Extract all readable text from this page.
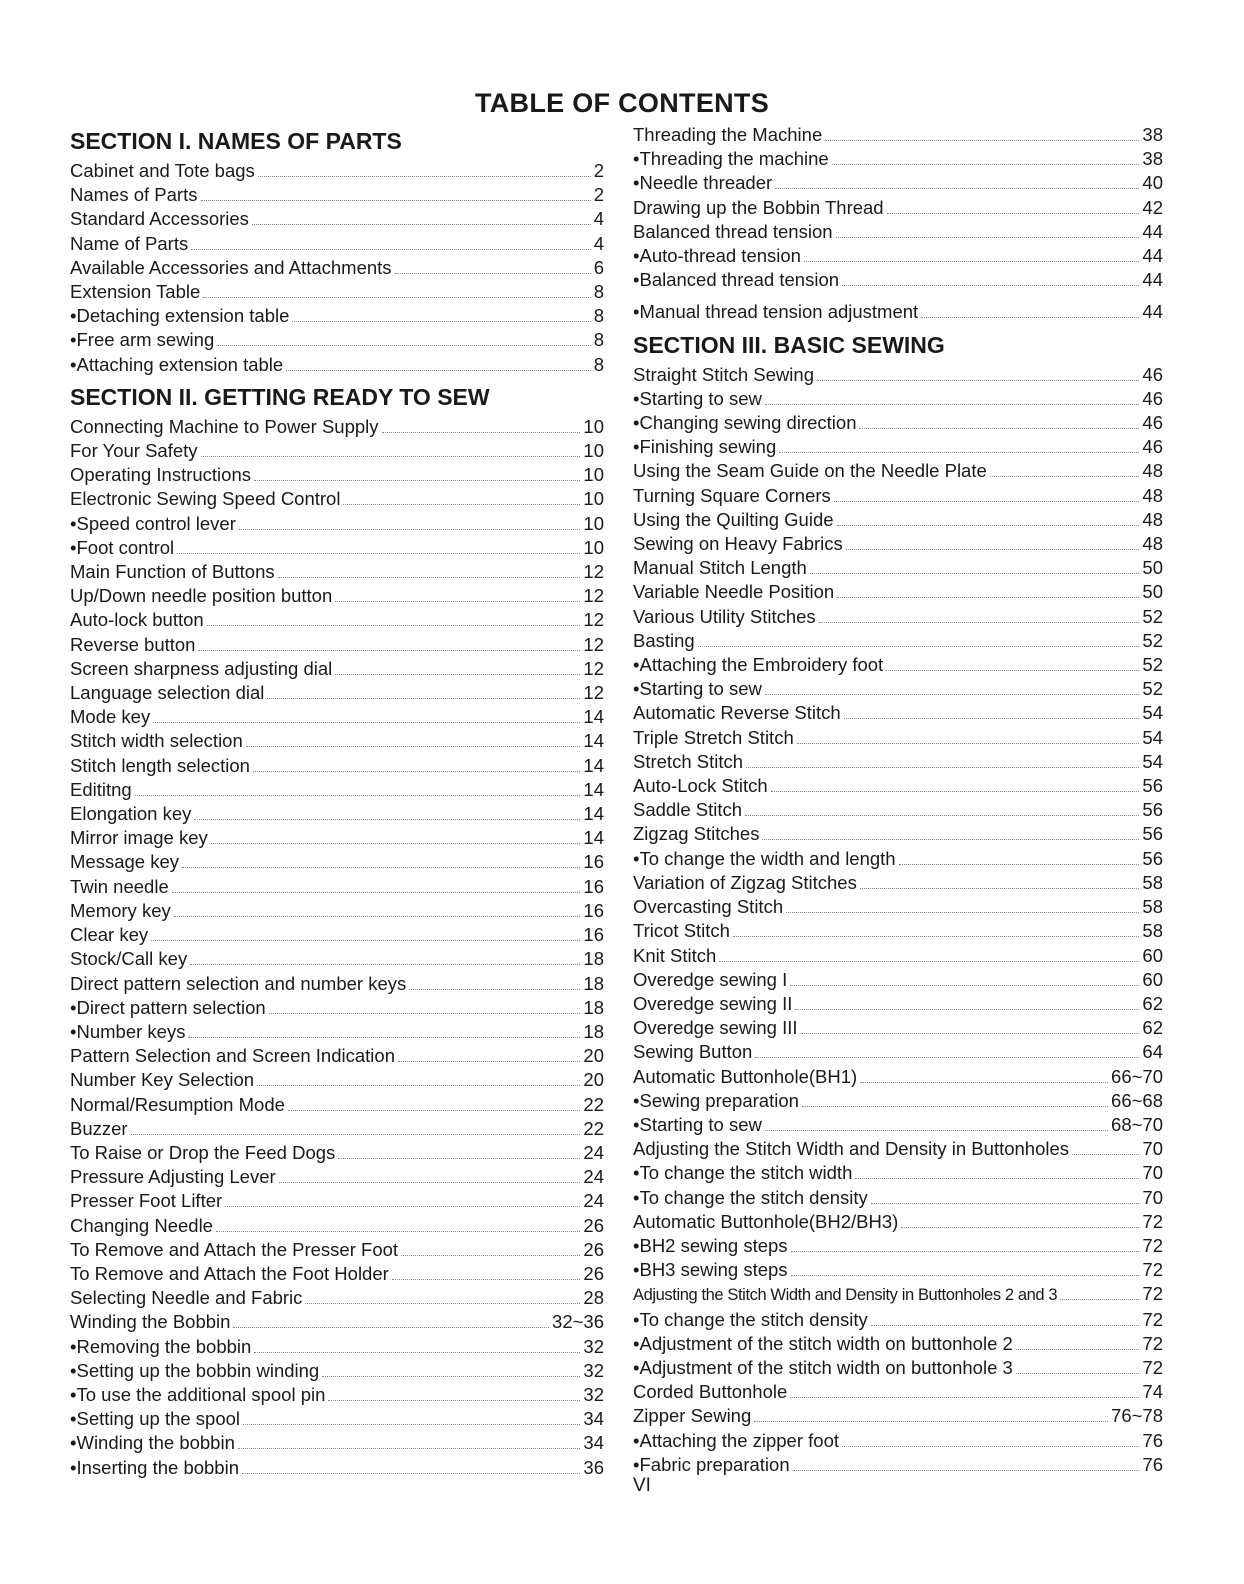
TABLE OF CONTENTS
SECTION I. NAMES OF PARTS
Cabinet and Tote bags	2
Names of Parts	2
Standard Accessories	4
Name of Parts	4
Available Accessories and Attachments	6
Extension Table	8
• Detaching extension table	8
• Free arm sewing	8
• Attaching extension table	8
SECTION II. GETTING READY TO SEW
Connecting Machine to Power Supply	10
For Your Safety	10
Operating Instructions	10
Electronic Sewing Speed Control	10
• Speed control lever	10
• Foot control	10
Main Function of Buttons	12
Up/Down needle position button	12
Auto-lock button	12
Reverse button	12
Screen sharpness adjusting dial	12
Language selection dial	12
Mode key	14
Stitch width selection	14
Stitch length selection	14
Edititng	14
Elongation key	14
Mirror image key	14
Message key	16
Twin needle	16
Memory key	16
Clear key	16
Stock/Call key	18
Direct pattern selection and number keys	18
• Direct pattern selection	18
• Number keys	18
Pattern Selection and Screen Indication	20
Number Key Selection	20
Normal/Resumption Mode	22
Buzzer	22
To Raise or Drop the Feed Dogs	24
Pressure Adjusting Lever	24
Presser Foot Lifter	24
Changing Needle	26
To Remove and Attach the Presser Foot	26
To Remove and Attach the Foot Holder	26
Selecting Needle and Fabric	28
Winding the Bobbin	32~36
• Removing the bobbin	32
• Setting up the bobbin winding	32
• To use the additional spool pin	32
• Setting up the spool	34
• Winding the bobbin	34
• Inserting the bobbin	36
Threading the Machine	38
• Threading the machine	38
• Needle threader	40
Drawing up the Bobbin Thread	42
Balanced thread tension	44
• Auto-thread tension	44
• Balanced thread tension	44
• Manual thread tension adjustment	44
SECTION III. BASIC SEWING
Straight Stitch Sewing	46
• Starting to sew	46
• Changing sewing direction	46
• Finishing sewing	46
Using the Seam Guide on the Needle Plate	48
Turning Square Corners	48
Using the Quilting Guide	48
Sewing on Heavy Fabrics	48
Manual Stitch Length	50
Variable Needle Position	50
Various Utility Stitches	52
Basting	52
• Attaching the Embroidery foot	52
• Starting to sew	52
Automatic Reverse Stitch	54
Triple Stretch Stitch	54
Stretch Stitch	54
Auto-Lock Stitch	56
Saddle Stitch	56
Zigzag Stitches	56
• To change the width and length	56
Variation of Zigzag Stitches	58
Overcasting Stitch	58
Tricot Stitch	58
Knit Stitch	60
Overedge sewing I	60
Overedge sewing II	62
Overedge sewing III	62
Sewing Button	64
Automatic Buttonhole(BH1)	66~70
• Sewing preparation	66~68
• Starting to sew	68~70
Adjusting the Stitch Width and Density in Buttonholes	70
• To change the stitch width	70
• To change the stitch density	70
Automatic Buttonhole(BH2/BH3)	72
• BH2 sewing steps	72
• BH3 sewing steps	72
Adjusting the Stitch Width and Density in Buttonholes 2 and 3	72
• To change the stitch density	72
• Adjustment of the stitch width on buttonhole 2	72
• Adjustment of the stitch width on buttonhole 3	72
Corded Buttonhole	74
Zipper Sewing	76~78
• Attaching the zipper foot	76
• Fabric preparation	76
VI
